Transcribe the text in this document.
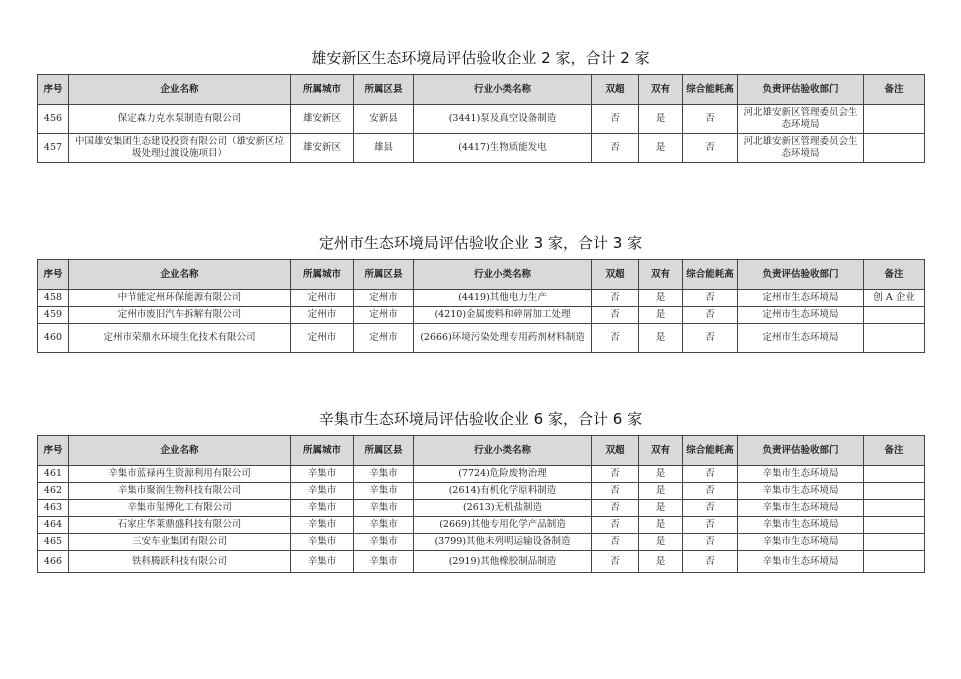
雄安新区生态环境局评估验收企业 2 家，合计 2 家
序号	企业名称	所属城市	所属区县	行业小类名称	双超	双有	综合能耗高	负责评估验收部门	备注
456	保定森力克水泵制造有限公司	雄安新区	安新县	(3441)泵及真空设备制造	否	是	否	河北雄安新区管理委员会生态环境局	
457	中国雄安集团生态建设投资有限公司（雄安新区垃圾处理过渡设施项目）	雄安新区	雄县	(4417)生物质能发电	否	是	否	河北雄安新区管理委员会生态环境局	
定州市生态环境局评估验收企业 3 家，合计 3 家
序号	企业名称	所属城市	所属区县	行业小类名称	双超	双有	综合能耗高	负责评估验收部门	备注
458	中节能定州环保能源有限公司	定州市	定州市	(4419)其他电力生产	否	是	否	定州市生态环境局	创 A 企业
459	定州市废旧汽车拆解有限公司	定州市	定州市	(4210)金属废料和碎屑加工处理	否	是	否	定州市生态环境局	
460	定州市荣鼎水环境生化技术有限公司	定州市	定州市	(2666)环境污染处理专用药剂材料制造	否	是	否	定州市生态环境局	
辛集市生态环境局评估验收企业 6 家，合计 6 家
序号	企业名称	所属城市	所属区县	行业小类名称	双超	双有	综合能耗高	负责评估验收部门	备注
461	辛集市蓝禄再生资源利用有限公司	辛集市	辛集市	(7724)危险废物治理	否	是	否	辛集市生态环境局	
462	辛集市聚润生物科技有限公司	辛集市	辛集市	(2614)有机化学原料制造	否	是	否	辛集市生态环境局	
463	辛集市玺博化工有限公司	辛集市	辛集市	(2613)无机盐制造	否	是	否	辛集市生态环境局	
464	石家庄华莱鼎盛科技有限公司	辛集市	辛集市	(2669)其他专用化学产品制造	否	是	否	辛集市生态环境局	
465	三安车业集团有限公司	辛集市	辛集市	(3799)其他未列明运输设备制造	否	是	否	辛集市生态环境局	
466	铁科腾跃科技有限公司	辛集市	辛集市	(2919)其他橡胶制品制造	否	是	否	辛集市生态环境局	
